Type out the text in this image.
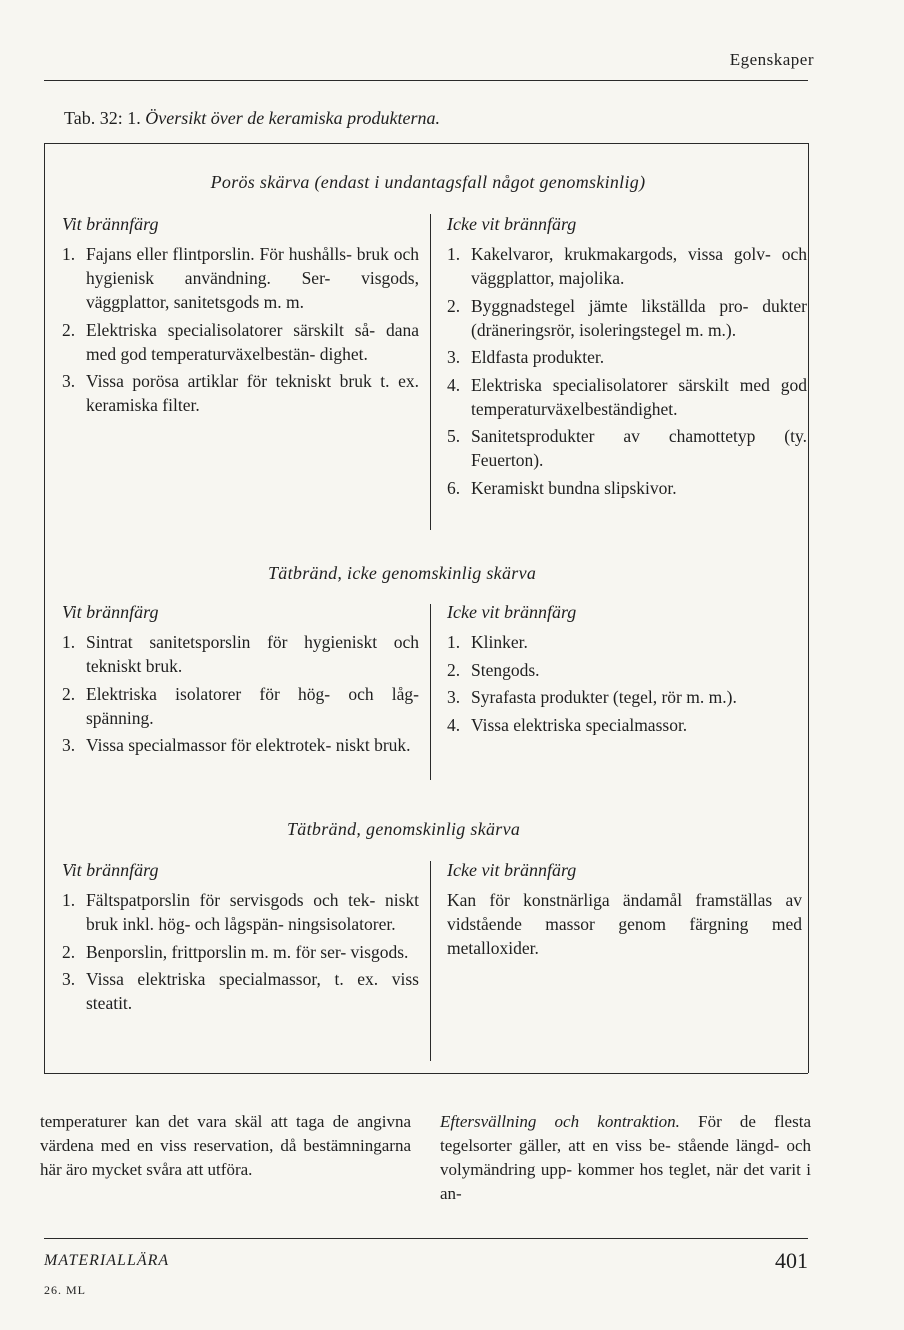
Egenskaper
Tab. 32: 1. Översikt över de keramiska produkterna.
Porös skärva (endast i undantagsfall något genomskinlig)
Vit brännfärg
1. Fajans eller flintporslin. För hushålls- bruk och hygienisk användning. Ser- visgods, väggplattor, sanitetsgods m. m.
2. Elektriska specialisolatorer särskilt så- dana med god temperaturväxelbestän- dighet.
3. Vissa porösa artiklar för tekniskt bruk t. ex. keramiska filter.
Icke vit brännfärg
1. Kakelvaror, krukmakargods, vissa golv- och väggplattor, majolika.
2. Byggnadstegel jämte likställda pro- dukter (dräneringsrör, isoleringstegel m. m.).
3. Eldfasta produkter.
4. Elektriska specialisolatorer särskilt med god temperaturväxelbeständighet.
5. Sanitetsprodukter av chamottetyp (ty. Feuerton).
6. Keramiskt bundna slipskivor.
Tätbränd, icke genomskinlig skärva
Vit brännfärg
1. Sintrat sanitetsporslin för hygieniskt och tekniskt bruk.
2. Elektriska isolatorer för hög- och låg- spänning.
3. Vissa specialmassor för elektrotek- niskt bruk.
Icke vit brännfärg
1. Klinker.
2. Stengods.
3. Syrafasta produkter (tegel, rör m. m.).
4. Vissa elektriska specialmassor.
Tätbränd, genomskinlig skärva
Vit brännfärg
1. Fältspatporslin för servisgods och tek- niskt bruk inkl. hög- och lågspän- ningsisolatorer.
2. Benporslin, frittporslin m. m. för ser- visgods.
3. Vissa elektriska specialmassor, t. ex. viss steatit.
Icke vit brännfärg

Kan för konstnärliga ändamål framställas av vidstående massor genom färgning med metalloxider.

temperaturer kan det vara skäl att taga de angivna värdena med en viss reservation, då bestämningarna här äro mycket svåra att utföra.
Eftersvällning och kontraktion. För de flesta tegelsorter gäller, att en viss be- stående längd- och volymändring upp- kommer hos teglet, när det varit i an-
MATERIALLÄRA
26. ML
401
